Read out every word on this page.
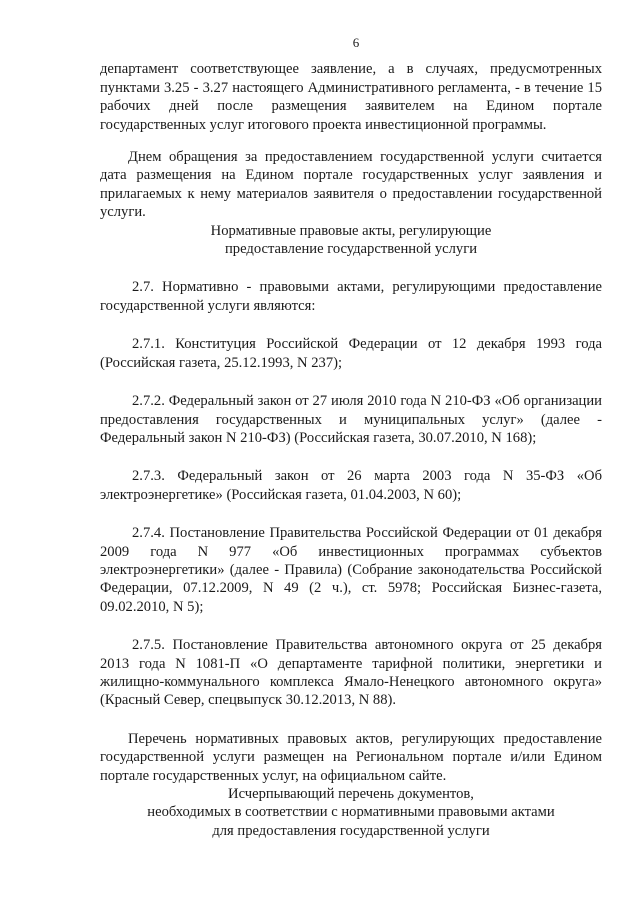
6

департамент соответствующее заявление, а в случаях, предусмотренных пунктами 3.25 - 3.27 настоящего Административного регламента, - в течение 15 рабочих дней после размещения заявителем на Едином портале государственных услуг итогового проекта инвестиционной программы.

Днем обращения за предоставлением государственной услуги считается дата размещения на Едином портале государственных услуг заявления и прилагаемых к нему материалов заявителя о предоставлении государственной услуги.

Нормативные правовые акты, регулирующие
предоставление государственной услуги

2.7. Нормативно - правовыми актами, регулирующими предоставление государственной услуги являются:

2.7.1. Конституция Российской Федерации от 12 декабря 1993 года (Российская газета, 25.12.1993, N 237);

2.7.2. Федеральный закон от 27 июля 2010 года N 210-ФЗ «Об организации предоставления государственных и муниципальных услуг» (далее - Федеральный закон N 210-ФЗ) (Российская газета, 30.07.2010, N 168);

2.7.3. Федеральный закон от 26 марта 2003 года N 35-ФЗ «Об электроэнергетике» (Российская газета, 01.04.2003, N 60);

2.7.4. Постановление Правительства Российской Федерации от 01 декабря 2009 года N 977 «Об инвестиционных программах субъектов электроэнергетики» (далее - Правила) (Собрание законодательства Российской Федерации, 07.12.2009, N 49 (2 ч.), ст. 5978; Российская Бизнес-газета, 09.02.2010, N 5);

2.7.5. Постановление Правительства автономного округа от 25 декабря 2013 года N 1081-П «О департаменте тарифной политики, энергетики и жилищно-коммунального комплекса Ямало-Ненецкого автономного округа» (Красный Север, спецвыпуск 30.12.2013, N 88).

Перечень нормативных правовых актов, регулирующих предоставление государственной услуги размещен на Региональном портале и/или Едином портале государственных услуг, на официальном сайте.

Исчерпывающий перечень документов,
необходимых в соответствии с нормативными правовыми актами
для предоставления государственной услуги
